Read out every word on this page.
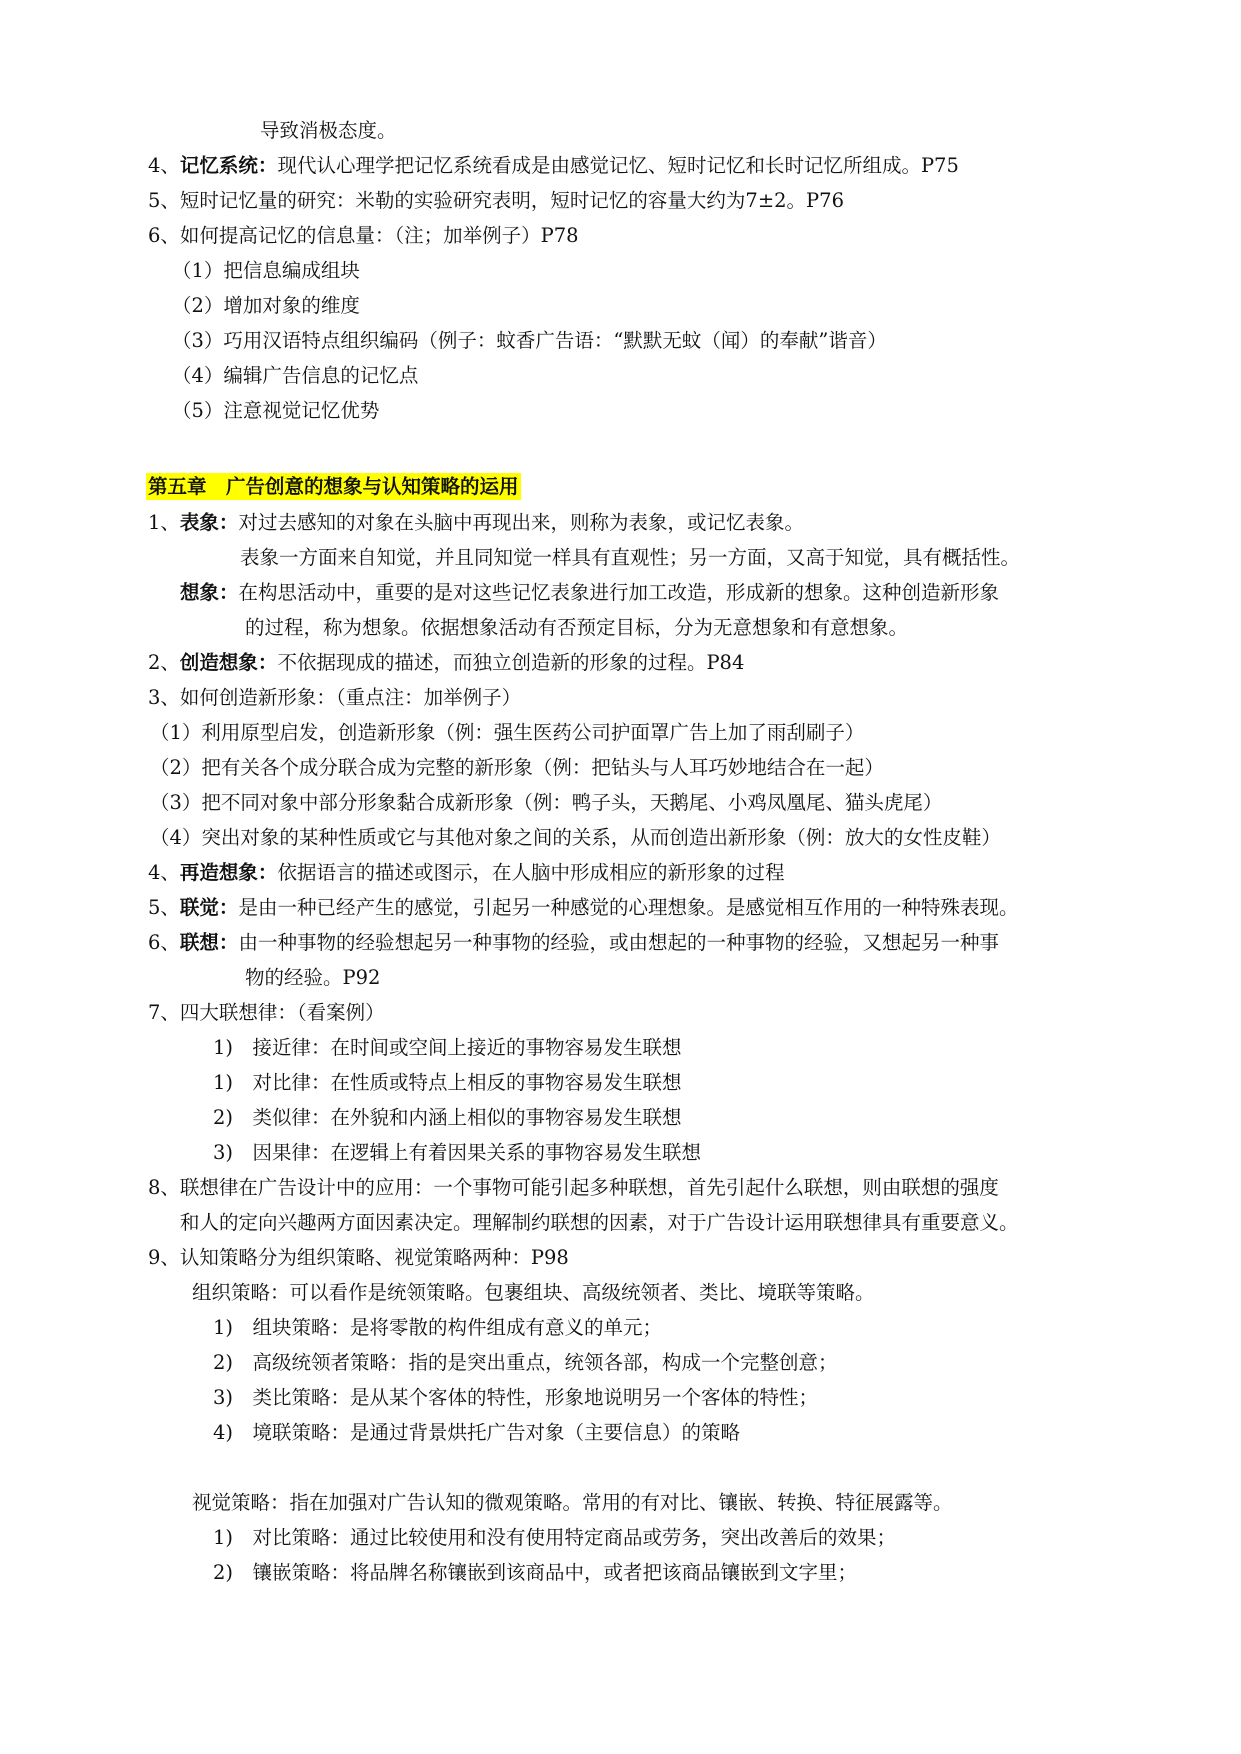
导致消极态度。
4、记忆系统：现代认心理学把记忆系统看成是由感觉记忆、短时记忆和长时记忆所组成。P75
5、短时记忆量的研究：米勒的实验研究表明，短时记忆的容量大约为7±2。P76
6、如何提高记忆的信息量：（注；加举例子）P78
（1）把信息编成组块
（2）增加对象的维度
（3）巧用汉语特点组织编码（例子：蚊香广告语：“默默无蚊（闻）的奉献”谐音）
（4）编辑广告信息的记忆点
（5）注意视觉记忆优势
第五章　广告创意的想象与认知策略的运用
1、表象：对过去感知的对象在头脑中再现出来，则称为表象，或记忆表象。
表象一方面来自知觉，并且同知觉一样具有直观性；另一方面，又高于知觉，具有概括性。
想象：在构思活动中，重要的是对这些记忆表象进行加工改造，形成新的想象。这种创造新形象
的过程，称为想象。依据想象活动有否预定目标，分为无意想象和有意想象。
2、创造想象：不依据现成的描述，而独立创造新的形象的过程。P84
3、如何创造新形象：（重点注：加举例子）
（1）利用原型启发，创造新形象（例：强生医药公司护面罩广告上加了雨刮刷子）
（2）把有关各个成分联合成为完整的新形象（例：把钻头与人耳巧妙地结合在一起）
（3）把不同对象中部分形象黏合成新形象（例：鸭子头，天鹅尾、小鸡凤凰尾、猫头虎尾）
（4）突出对象的某种性质或它与其他对象之间的关系，从而创造出新形象（例：放大的女性皮鞋）
4、再造想象：依据语言的描述或图示，在人脑中形成相应的新形象的过程
5、联觉：是由一种已经产生的感觉，引起另一种感觉的心理想象。是感觉相互作用的一种特殊表现。
6、联想：由一种事物的经验想起另一种事物的经验，或由想起的一种事物的经验，又想起另一种事
物的经验。P92
7、四大联想律：（看案例）
1)　接近律：在时间或空间上接近的事物容易发生联想
1)　对比律：在性质或特点上相反的事物容易发生联想
2)　类似律：在外貌和内涵上相似的事物容易发生联想
3)　因果律：在逻辑上有着因果关系的事物容易发生联想
8、联想律在广告设计中的应用：一个事物可能引起多种联想，首先引起什么联想，则由联想的强度
和人的定向兴趣两方面因素决定。理解制约联想的因素，对于广告设计运用联想律具有重要意义。
9、认知策略分为组织策略、视觉策略两种：P98
组织策略：可以看作是统领策略。包裹组块、高级统领者、类比、境联等策略。
1)　组块策略：是将零散的构件组成有意义的单元；
2)　高级统领者策略：指的是突出重点，统领各部，构成一个完整创意；
3)　类比策略：是从某个客体的特性，形象地说明另一个客体的特性；
4)　境联策略：是通过背景烘托广告对象（主要信息）的策略
视觉策略：指在加强对广告认知的微观策略。常用的有对比、镶嵌、转换、特征展露等。
1)　对比策略：通过比较使用和没有使用特定商品或劳务，突出改善后的效果；
2)　镶嵌策略：将品牌名称镶嵌到该商品中，或者把该商品镶嵌到文字里；
